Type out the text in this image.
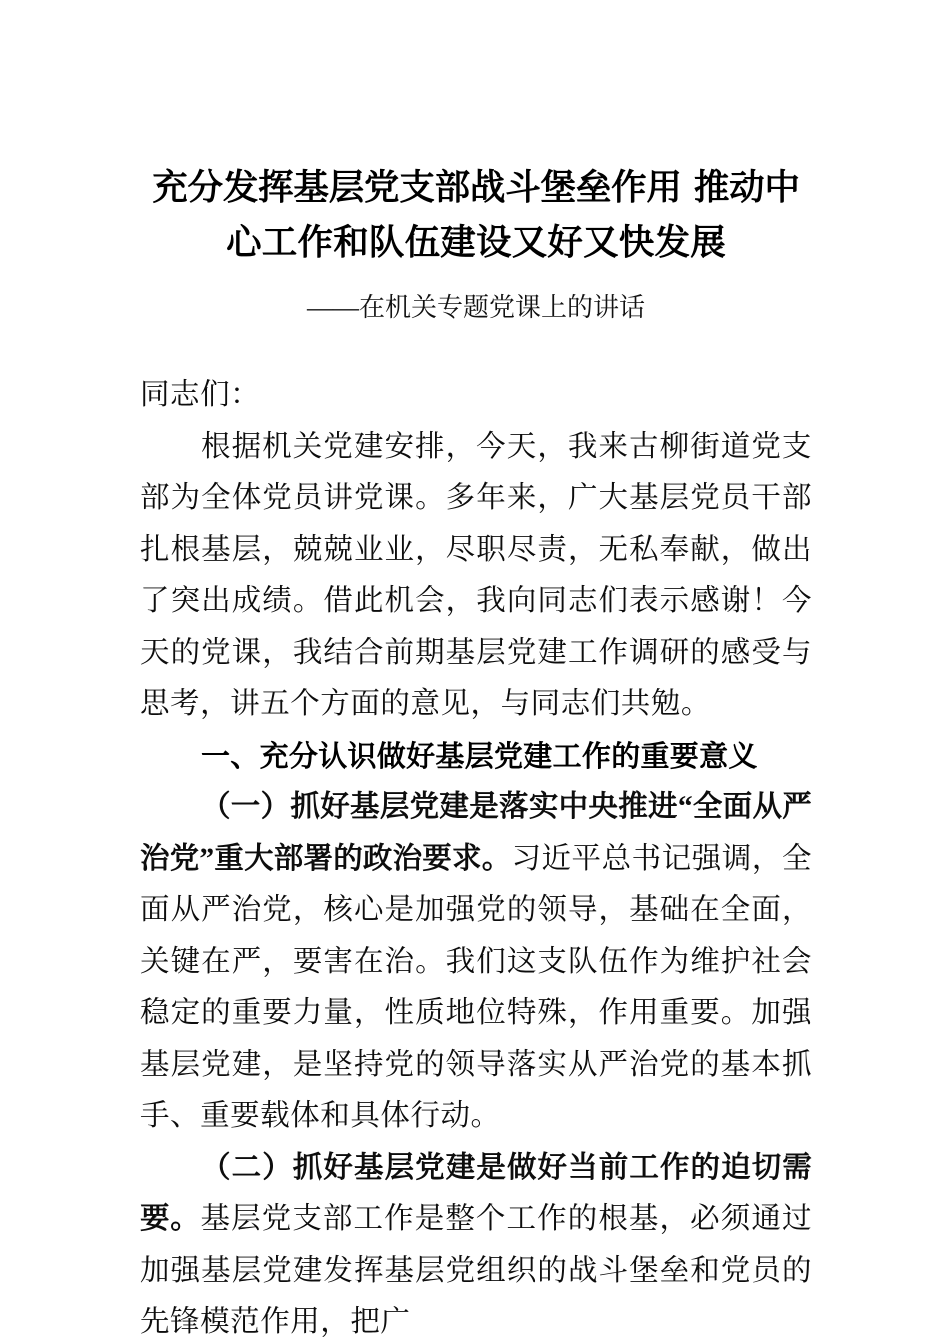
充分发挥基层党支部战斗堡垒作用 推动中
心工作和队伍建设又好又快发展

——在机关专题党课上的讲话

同志们：

根据机关党建安排，今天，我来古柳街道党支部为全体党员讲党课。多年来，广大基层党员干部扎根基层，兢兢业业，尽职尽责，无私奉献，做出了突出成绩。借此机会，我向同志们表示感谢！今天的党课，我结合前期基层党建工作调研的感受与思考，讲五个方面的意见，与同志们共勉。

一、充分认识做好基层党建工作的重要意义

（一）抓好基层党建是落实中央推进“全面从严治党”重大部署的政治要求。习近平总书记强调，全面从严治党，核心是加强党的领导，基础在全面，关键在严，要害在治。我们这支队伍作为维护社会稳定的重要力量，性质地位特殊，作用重要。加强基层党建，是坚持党的领导落实从严治党的基本抓手、重要载体和具体行动。

（二）抓好基层党建是做好当前工作的迫切需要。基层党支部工作是整个工作的根基，必须通过加强基层党建发挥基层党组织的战斗堡垒和党员的先锋模范作用，把广
